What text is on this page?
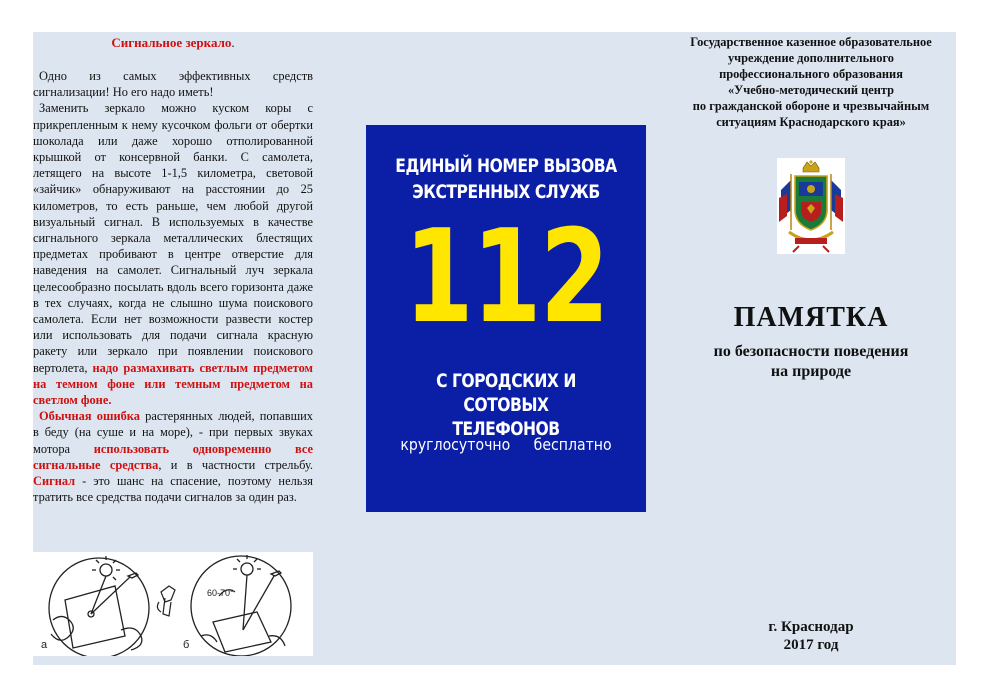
Сигнальное зеркало.

Одно из самых эффективных средств сигнализации! Но его надо иметь!

Заменить зеркало можно куском коры с прикрепленным к нему кусочком фольги от обертки шоколада или даже хорошо отполированной крышкой от консервной банки. С самолета, летящего на высоте 1-1,5 километра, световой «зайчик» обнаруживают на расстоянии до 25 километров, то есть раньше, чем любой другой визуальный сигнал. В используемых в качестве сигнального зеркала металлических блестящих предметах пробивают в центре отверстие для наведения на самолет. Сигнальный луч зеркала целесообразно посылать вдоль всего горизонта даже в тех случаях, когда не слышно шума поискового самолета. Если нет возможности развести костер или использовать для подачи сигнала красную ракету или зеркало при появлении поискового вертолета, надо размахивать светлым предметом на темном фоне или темным предметом на светлом фоне.

Обычная ошибка растерянных людей, попавших в беду (на суше и на море), - при первых звуках мотора использовать одновременно все сигнальные средства, и в частности стрельбу. Сигнал - это шанс на спасение, поэтому нельзя тратить все средства подачи сигналов за один раз.

а
60-70°
б
ЕДИНЫЙ НОМЕР ВЫЗОВА
ЭКСТРЕННЫХ СЛУЖБ
112
С ГОРОДСКИХ И СОТОВЫХ
ТЕЛЕФОНОВ
круглосуточно бесплатно
Государственное казенное образовательное
учреждение дополнительного
профессионального образования
«Учебно-методический центр
по гражданской обороне и чрезвычайным
ситуациям Краснодарского края»
ПАМЯТКА
по безопасности поведения
на природе
г. Краснодар
2017 год
